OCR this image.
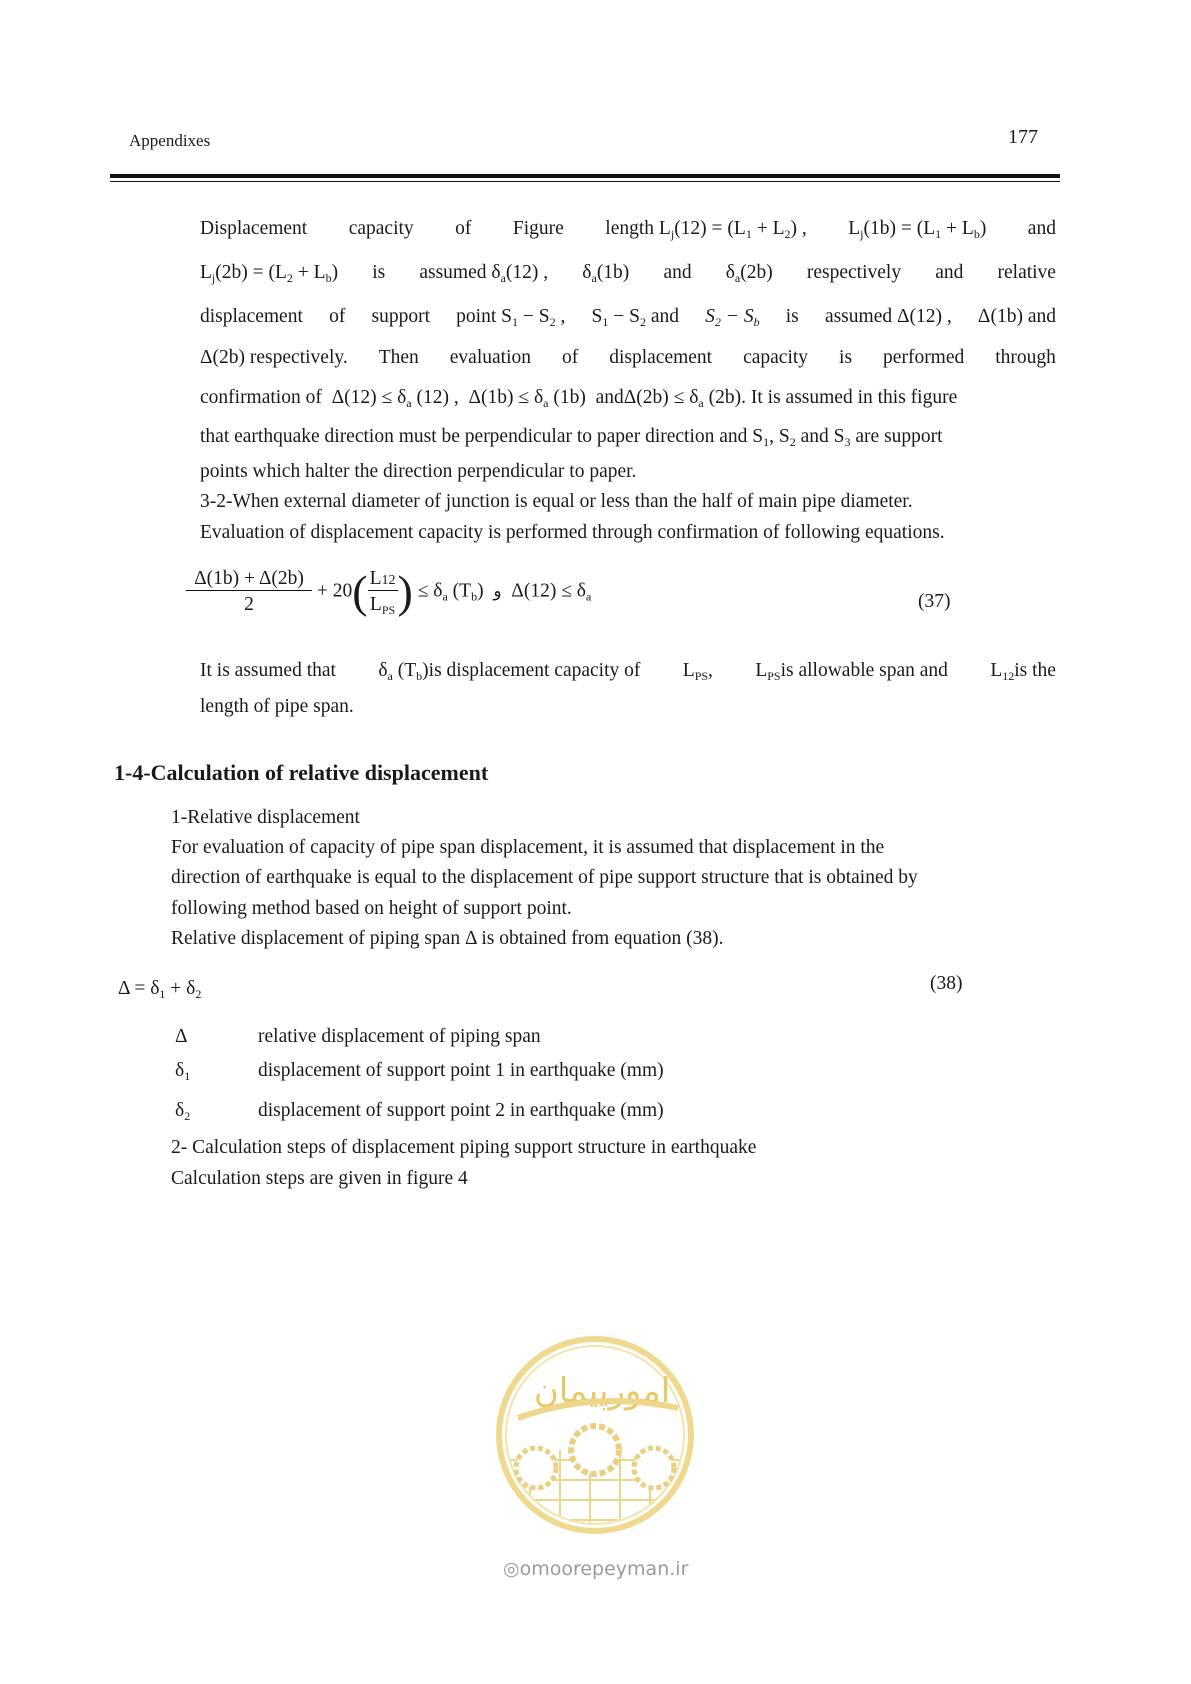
Appendixes	177
Displacement capacity of Figure length $L_j(12) = (L_1 + L_2)$ , $L_j(1b) = (L_1 + L_b)$ and
$L_j(2b) = (L_2 + L_b)$ is assumed $\delta_a(12)$ , $\delta_a(1b)$ and $\delta_a(2b)$ respectively and relative
displacement of support point $S_1 - S_2$ , $S_1 - S_2$ and $S_2 - S_b$ is assumed Δ(12) , Δ(1b) and
Δ(2b) respectively. Then evaluation of displacement capacity is performed through
confirmation of $\Delta(12) \le \delta_a$ (12) , $\Delta(1b) \le \delta_a$ (1b) $and\Delta(2b) \le \delta_a$ (2b). It is assumed in this figure
that earthquake direction must be perpendicular to paper direction and $S_1$, $S_2$ and $S_3$ are support
points which halter the direction perpendicular to paper.
3-2-When external diameter of junction is equal or less than the half of main pipe diameter.
Evaluation of displacement capacity is performed through confirmation of following equations.
$\frac{\Delta(1b) + \Delta(2b)}{2} + 20( \frac{L12}{L_{PS}}$ ) ≤ $\delta_a$ $(T_b)$ و $\Delta(12) \le \delta_a$	(37)
It is assumed that $\delta_a$ $(T_b)is$ displacement capacity of $L_{PS}$, $L_{PS}is$ allowable span and $L_{12}is$ the
length of pipe span.
1-4-Calculation of relative displacement
1-Relative displacement
For evaluation of capacity of pipe span displacement, it is assumed that displacement in the
direction of earthquake is equal to the displacement of pipe support structure that is obtained by
following method based on height of support point.
Relative displacement of piping span Δ is obtained from equation (38).
$\Delta = \delta_1 + \delta_2$	(38)
Δ	relative displacement of piping span
$\delta_1$	displacement of support point 1 in earthquake (mm)
$\delta_2$	displacement of support point 2 in earthquake (mm)
2- Calculation steps of displacement piping support structure in earthquake
Calculation steps are given in figure 4
امورپیمان
◎omoorepeyman.ir
